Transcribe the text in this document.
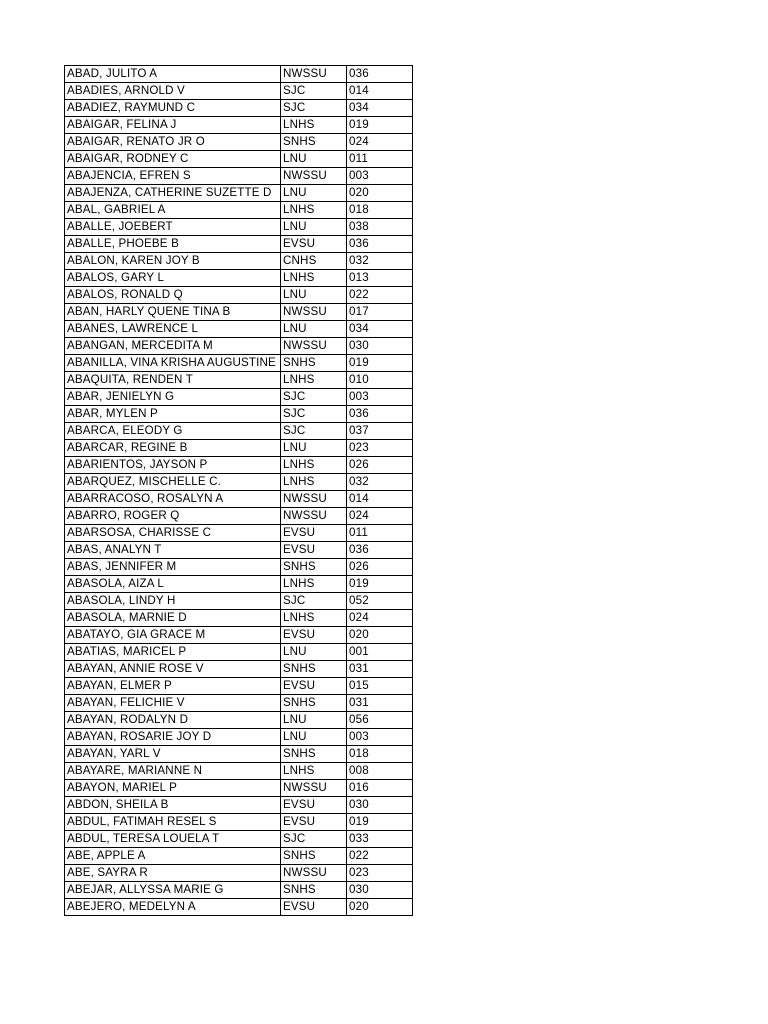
ABAD, JULITO A	NWSSU	036
ABADIES, ARNOLD V	SJC	014
ABADIEZ, RAYMUND C	SJC	034
ABAIGAR, FELINA J	LNHS	019
ABAIGAR, RENATO JR O	SNHS	024
ABAIGAR, RODNEY C	LNU	011
ABAJENCIA, EFREN S	NWSSU	003
ABAJENZA, CATHERINE SUZETTE D	LNU	020
ABAL, GABRIEL A	LNHS	018
ABALLE, JOEBERT	LNU	038
ABALLE, PHOEBE B	EVSU	036
ABALON, KAREN JOY B	CNHS	032
ABALOS, GARY L	LNHS	013
ABALOS, RONALD Q	LNU	022
ABAN, HARLY QUENE TINA B	NWSSU	017
ABANES, LAWRENCE L	LNU	034
ABANGAN, MERCEDITA M	NWSSU	030
ABANILLA, VINA KRISHA AUGUSTINE	SNHS	019
ABAQUITA, RENDEN T	LNHS	010
ABAR, JENIELYN G	SJC	003
ABAR, MYLEN P	SJC	036
ABARCA, ELEODY G	SJC	037
ABARCAR, REGINE B	LNU	023
ABARIENTOS, JAYSON P	LNHS	026
ABARQUEZ, MISCHELLE C.	LNHS	032
ABARRACOSO, ROSALYN A	NWSSU	014
ABARRO, ROGER Q	NWSSU	024
ABARSOSA, CHARISSE C	EVSU	011
ABAS, ANALYN T	EVSU	036
ABAS, JENNIFER M	SNHS	026
ABASOLA, AIZA L	LNHS	019
ABASOLA, LINDY H	SJC	052
ABASOLA, MARNIE D	LNHS	024
ABATAYO, GIA GRACE M	EVSU	020
ABATIAS, MARICEL P	LNU	001
ABAYAN, ANNIE ROSE V	SNHS	031
ABAYAN, ELMER P	EVSU	015
ABAYAN, FELICHIE V	SNHS	031
ABAYAN, RODALYN D	LNU	056
ABAYAN, ROSARIE JOY D	LNU	003
ABAYAN, YARL V	SNHS	018
ABAYARE, MARIANNE N	LNHS	008
ABAYON, MARIEL P	NWSSU	016
ABDON, SHEILA B	EVSU	030
ABDUL, FATIMAH RESEL S	EVSU	019
ABDUL, TERESA LOUELA T	SJC	033
ABE, APPLE A	SNHS	022
ABE, SAYRA R	NWSSU	023
ABEJAR, ALLYSSA MARIE G	SNHS	030
ABEJERO, MEDELYN A	EVSU	020
